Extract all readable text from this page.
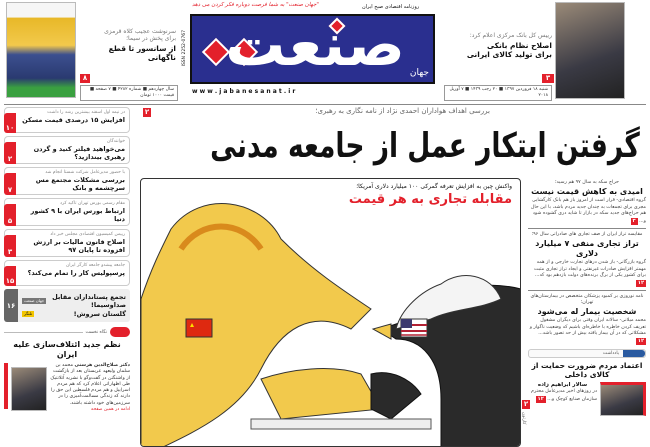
سرنوشت عجیب کلاه قرمزی
برای پخش در سیما؛
از سانسور تا قطع ناگهانی
۸
سال چهاردهم ■ شماره ۴۲۸۲ ■ ۷ صفحه ■ قیمت ۱۰۰۰ تومان
"جهان صنعت" به شما فرصت دوباره فکر کردن می دهد	روزنامه اقتصادی صبح ایران
صنعت جهان
ISSN 2252-0767
w w w . j a b a n e s a n a t . i r
رییس کل بانک مرکزی اعلام کرد:
اصلاح نظام بانکی
برای تولید کالای ایرانی
۳
شنبه ۱۸ فروردین ۱۳۹۷ ■ ۲۰ رجب ۱۴۳۹ ■ ۷ آوریل ۲۰۱۸
۲	بررسی اهداف هواداران احمدی نژاد از نامه نگاری به رهبری؛
گرفتن ابتکار عمل از جامعه مدنی
واکنش چین به افزایش تعرفه گمرکی ۱۰۰ میلیارد دلاری آمریکا؛
مقابله تجاری به هر قیمت
۲
کارتون
در نیمه اول اسفند بیشترین رشد را داشت
افزایش ۱۵ درصدی قیمت مسکن
۱۰
خوانندگان
می‌خواهید فیلتر کنید و گردن رهبری بیندازید؟
۲
با حضور مدیرعامل شرکت شستا انجام شد
بررسی مشکلات مجتمع مس سرچشمه و بانک
۷
مقام رسمی بورس تهران تاکید کرد
ارتباط بورس ایران با ۹ کشور دنیا
۵
رییس کمیسیون اقتصادی مجلس خبر داد
اصلاح قانون مالیات بر ارزش افزوده تا پایان ۹۷
۳
جامعه پیشدو جامعه کارگر ایران
پرسپولیس کار را تمام می‌کند؟
۱۵
۱۶
تجمع پستانداران مقابل صداوسیما!
جهان صنعت
گلستان سروش!
تلنگر
نگاه نخست
نظم جدید ائتلاف‌سازی علیه ایران
دکتر صلاح‌الدین هرسنی محمد بن سلمان ولیعهد عربستان بعد از بازگشت از واشنگتن در گفت‌وگو با نشریه آتلانتیک طی اظهاراتی اعلام کرد که هم مردم اسراییل و هم مردم فلسطین این حق را دارند که زندگی مسالمت‌آمیزی را در سرزمین‌های خود داشته باشند.
ادامه در همین صفحه
حراج سکه به سال ۹۷ هم رسید؛
امیدی به کاهش قیمت نیست
گروه اقتصادی- قرار است از امروز باز هم بانک کارگشایی مجری برای تجمعات به چندان جدید مردم باشد، با این حال هم حراج‌های جدید سکه در بازار تا شاید دری گشوده شود و... ۳
مقایسه تراز ایران از صف تجاری های صادراتی سال ۹۶؛
تراز تجاری منفی ۷ میلیارد دلاری
گروه بازرگانی- باز شدن درهای تجارت خارجی و از همه مهمتر افزایش صادرات غیرنفتی و ایجاد تراز تجاری مثبت برای کشور یکی از برگ برنده‌های دولت بازدهم بود که... ۱۲
نامه نوروزی بر کمبود پزشکان متخصص در بیمارستان‌های تهران؛
شخصیت بیمار له می‌شود
محمد میلانی- سالانه ایران وقتی برای دیگران مشغول تعریف کردن خاطره با خاطره‌ای باشیم که وضعیت ناگوار و مشکلاتی که در آن بیمار یافته بیش از حد تصور باشد... ۱۲
یادداشت
اعتماد مردم ضرورت حمایت از کالای داخلی
سالار ابراهیم زاده
در روزهای اخیر مدیرعامل محترم سازمان صنایع کوچک و... ۱۲
